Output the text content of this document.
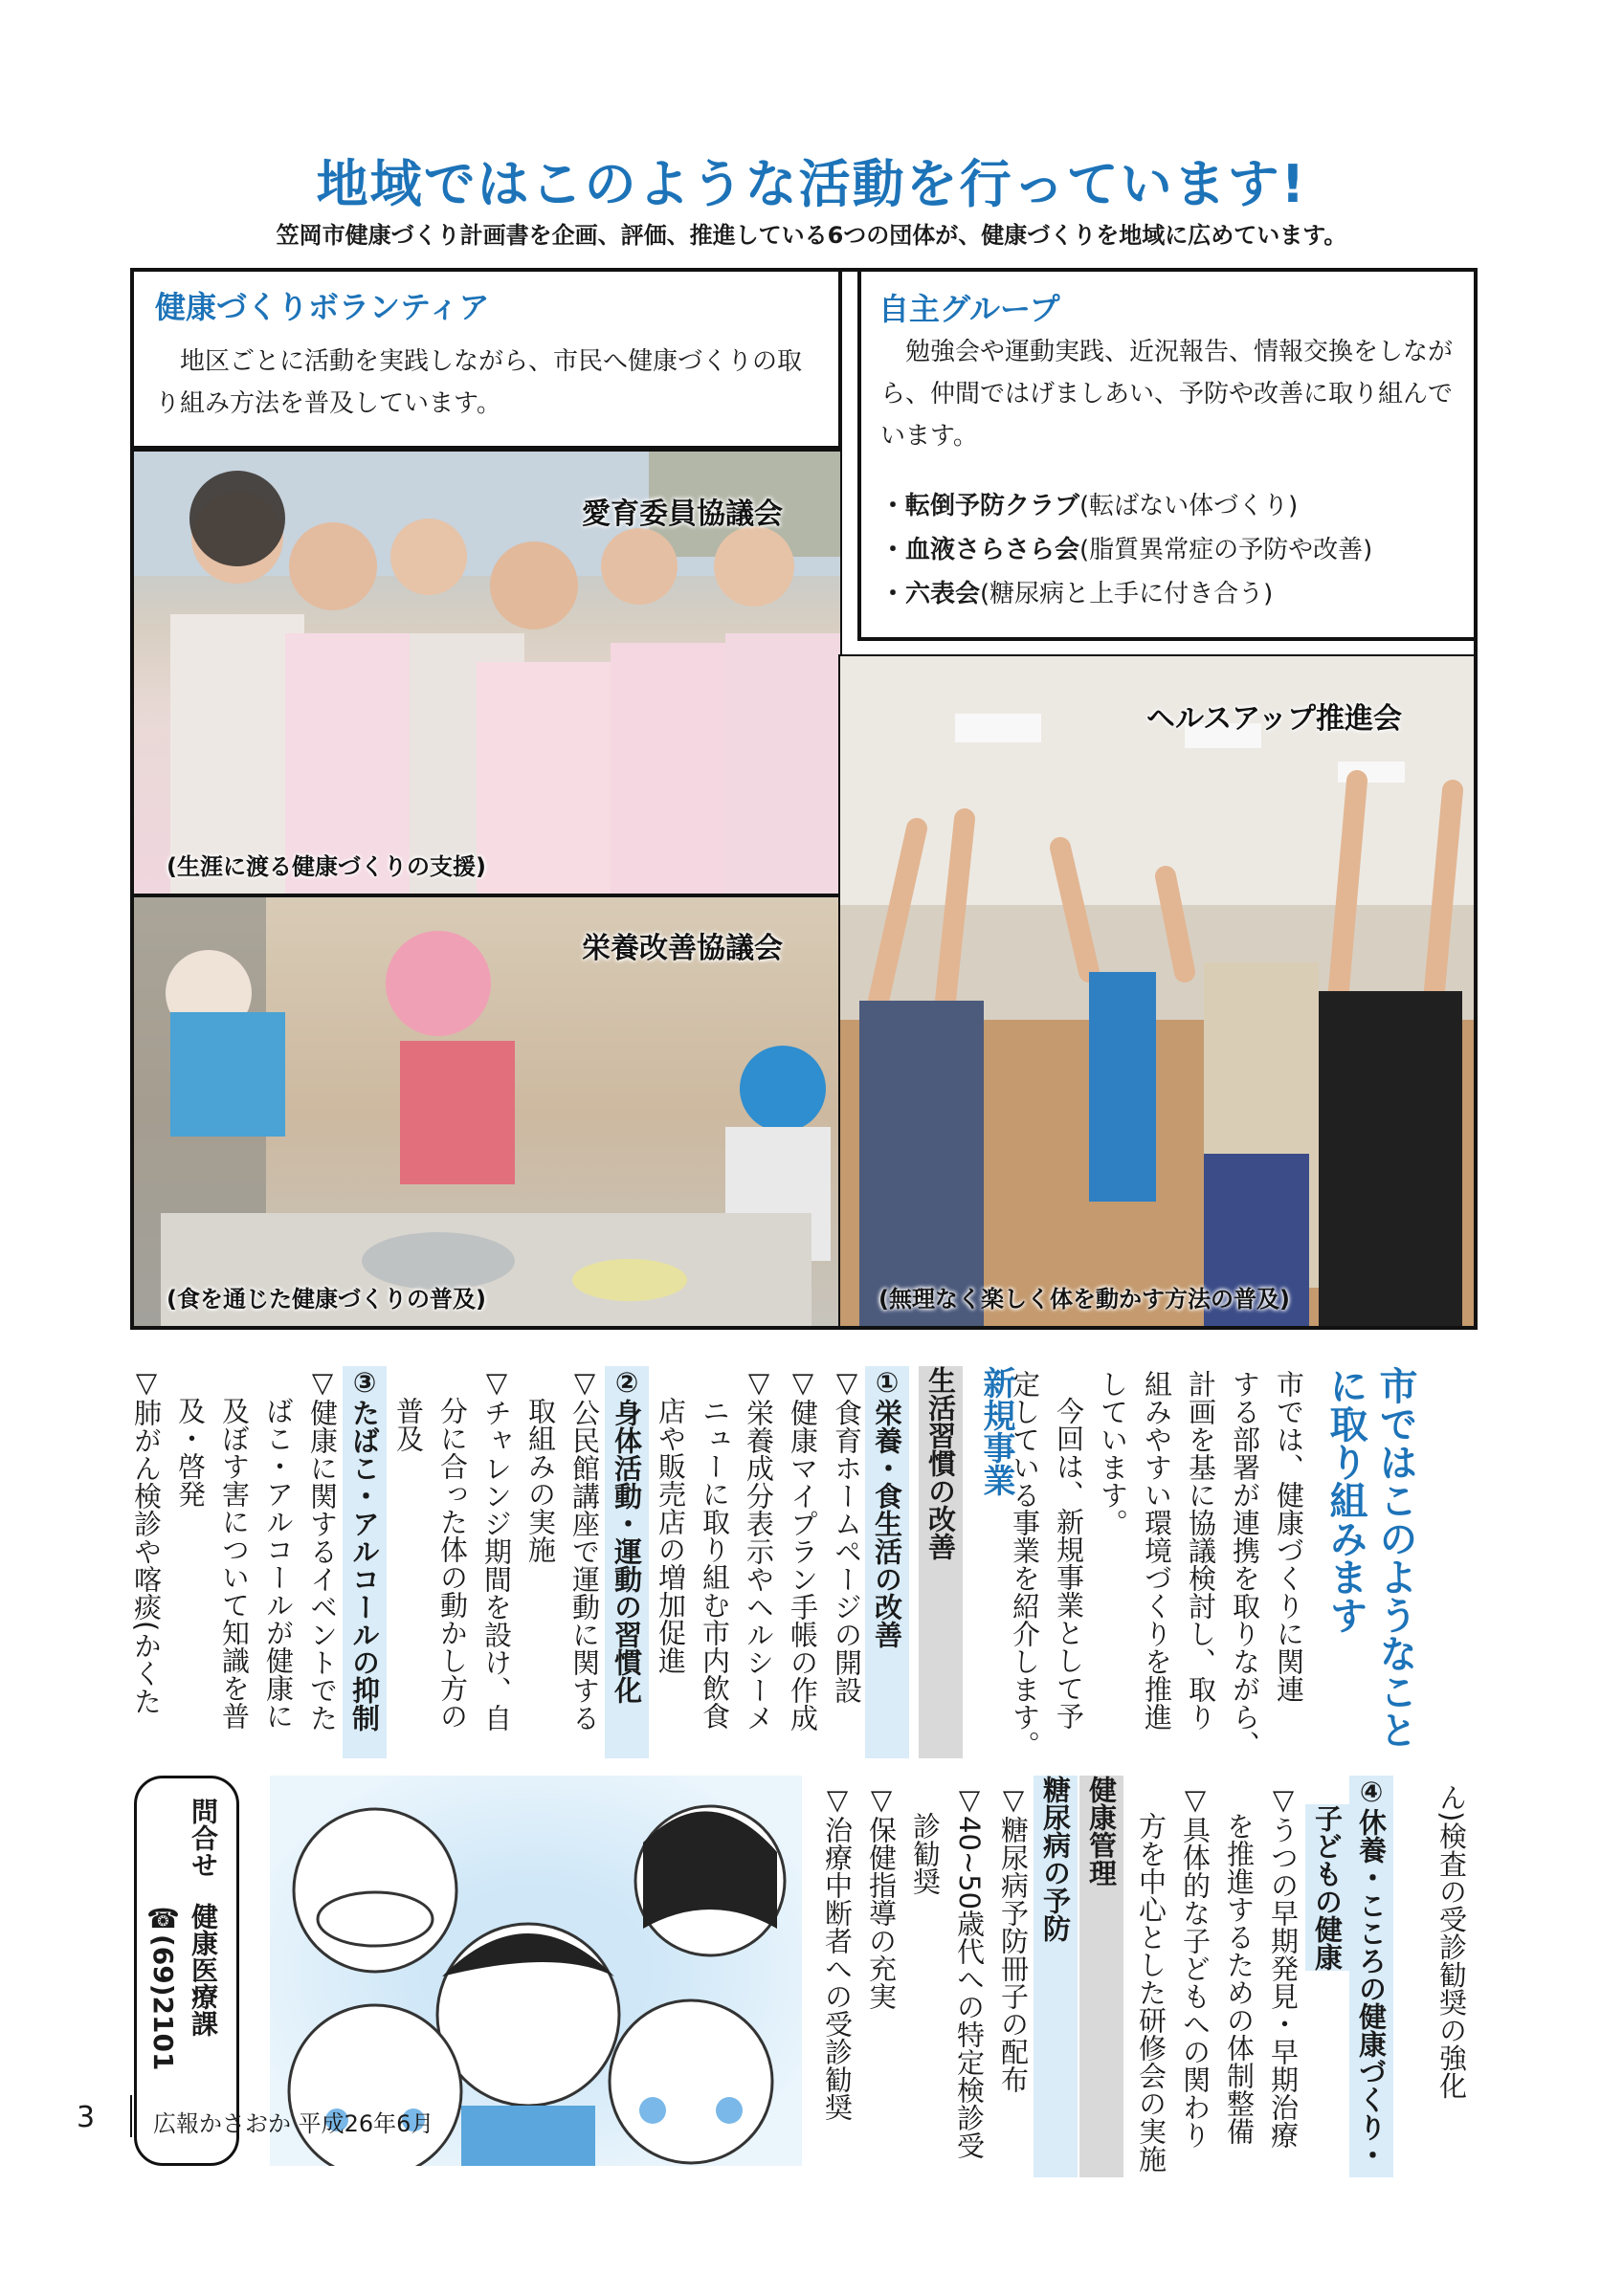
地域ではこのような活動を行っています!
笠岡市健康づくり計画書を企画、評価、推進している6つの団体が、健康づくりを地域に広めています。
健康づくりボランティア
地区ごとに活動を実践しながら、市民へ健康づくりの取り組み方法を普及しています。
愛育委員協議会
(生涯に渡る健康づくりの支援)
栄養改善協議会
(食を通じた健康づくりの普及)
自主グループ
勉強会や運動実践、近況報告、情報交換をしながら、仲間ではげましあい、予防や改善に取り組んでいます。
・転倒予防クラブ(転ばない体づくり)
・血液さらさら会(脂質異常症の予防や改善)
・六表会(糖尿病と上手に付き合う)
ヘルスアップ推進会
(無理なく楽しく体を動かす方法の普及)
市ではこのようなこと
に取り組みます
市では、健康づくりに関連
する部署が連携を取りながら、
計画を基に協議検討し、取り
組みやすい環境づくりを推進
しています。
今回は、新規事業として予
定している事業を紹介します。
新規事業
生活習慣の改善
①栄養・食生活の改善
▽食育ホームページの開設
▽健康マイプラン手帳の作成
▽栄養成分表示やヘルシーメ
ニューに取り組む市内飲食
店や販売店の増加促進
②身体活動・運動の習慣化
▽公民館講座で運動に関する
取組みの実施
▽チャレンジ期間を設け、自
分に合った体の動かし方の
普及
③たばこ・アルコールの抑制
▽健康に関するイベントでた
ばこ・アルコールが健康に
及ぼす害について知識を普
及・啓発
▽肺がん検診や喀痰(かくた
ん)検査の受診勧奨の強化
④休養・こころの健康づくり・
子どもの健康
▽うつの早期発見・早期治療
を推進するための体制整備
▽具体的な子どもへの関わり
方を中心とした研修会の実施
健康管理
糖尿病の予防
▽糖尿病予防冊子の配布
▽40~50歳代への特定検診受
診勧奨
▽保健指導の充実
▽治療中断者への受診勧奨
問合せ
健康医療課
☎(69)2101
3	広報かさおか 平成26年6月
